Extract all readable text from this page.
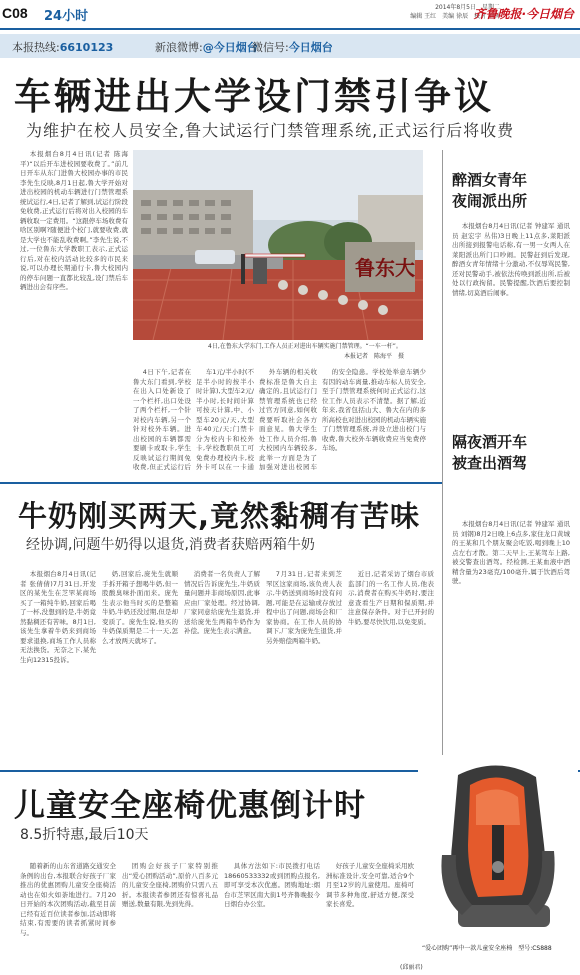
C08 24小时
2014年8月5日　星期二
编辑 王红　美编 徐辰　校对 刘树
齐鲁晚报·今日烟台
本报热线:6610123	新浪微博:@今日烟台
微信号:今日烟台
车辆进出大学设门禁引争议
为维护在校人员安全,鲁大试运行门禁管理系统,正式运行后将收费

本报烟台8月4日讯(记者 陈海平)“以后开车进校园要收费了。”前几日开车从东门进鲁大校园办事的市民李先生反映,8月1日起,鲁大学开始对进出校园的机动车辆进行门禁管理系统试运行,4日,记者了解到,试运行阶段免收费,正式运行后将对出入校园的车辆收取一定费用。“这跟停车场收费有啥区别啊?随便进个校门,就要收费,就是大学也不能乱收费啊。”李先生说,不过,一位鲁东大学教职工表示,正式运行后,对在校内活动比较多的市民来说,可以办理长期通行卡,鲁大校园内的停车问题一直都比较乱,设门禁后车辆进出会有序些。

鲁东大
4日,在鲁东大学东门,工作人员正对进出车辆实施门禁管理。“一车一杆”。
本报记者　陈海平　摄

4日下午,记者在鲁大东门看到,学校在出入口处新设了一个栏杆,出口处设了两个栏杆,一个针对校内车辆,另一个针对校外车辆。进出校园的车辆都需要刷卡或取卡,学生反映试运行期间免收费,但正式运行后

车1元/半小时(不足半小时的按半小时计算),大型车2元/半小时,长时间计算可按天计算,中、小型车20元/天,大型车40元/天;门禁卡分为校内卡和校外卡,学校教职员工可免费办理校内卡,校外卡可以在一卡通

外车辆的相关收费标准是鲁大自主确定的,且试运行门禁管理系统也已经过官方同意,如何收费要听取社会各方面意见。鲁大学生处工作人员介绍,鲁大校园内车辆较多,此举一方面是为了加强对进出校园车

的安全隐患。学校处举意车辆少有因的动车离量,推动车标人员安全,至于门禁管理系统何时正式运行,这位工作人员表示不清楚。据了解,近年来,我省包括山大、鲁大在内的多所高校也对进出校园的机动车辆实施了门禁管理系统,并设立进出校门与收费,鲁大校外车辆收费应当免费停车场。

醉酒女青年
夜闹派出所

本报烟台8月4日讯(记者 钟建军 通讯员 赵宏宇 丛伟)3日晚上11点多,莱阳派出所接到报警电话称,有一男一女两人在莱阳派出所门口吵闹。民警赶到后发现,醉酒女青年情绪十分激动,不仅辱骂民警,还对民警动手,被依法传唤到派出所,后被处以行政拘留。民警提醒,饮酒后要控制情绪,切莫酒后闹事。

隔夜酒开车
被查出酒驾

本报烟台8月4日讯(记者 钟建军 通讯员 刘钢)8月2日晚上6点多,家住龙口黄城的王某和几个朋友聚会吃饭,喝到晚上10点左右才散。第二天早上,王某驾车上路,被交警查出酒驾。经检测,王某血液中酒精含量为23毫克/100毫升,属于饮酒后驾驶。

牛奶刚买两天,竟然黏稠有苦味
经协调,问题牛奶得以退货,消费者获赔两箱牛奶

本报烟台8月4日讯(记者 张倩倩)7月31日,开发区的某先生在芝罘某商场买了一箱纯牛奶,回家后喝了一杯,没想到的是,牛奶竟然黏稠还有苦味。8月1日,该先生拿着牛奶来到商场要求退换,商场工作人员称无法换货。无奈之下,某先生向12315投诉。

奶,回家后,庞先生就顺手拆开箱子想喝牛奶,但一股酸臭味扑面而来。庞先生表示他当时买的是整箱牛奶,牛奶还没过期,但是却变质了。庞先生说,他买的牛奶保质期是二十一天,怎么才放两天就坏了。

消费者一名负责人了解情况后告诉庞先生,牛奶质量问题并非商场原因,此事应由厂家处理。经过协调,厂家同意给庞先生退货,并送给庞先生两箱牛奶作为补偿。庞先生表示满意。

7月31日,记者来到芝罘区这家商场,该负责人表示,牛奶送到商场时没有问题,可能是在运输或存放过程中出了问题,商场会和厂家协商。在工作人员的协调下,厂家为庞先生退货,并另外赔偿两箱牛奶。

近日,记者采访了烟台市质监部门的一名工作人员,他表示,消费者在购买牛奶时,要注意查看生产日期和保质期,并注意保存条件。对于已开封的牛奶,要尽快饮用,以免变质。

儿童安全座椅优惠倒计时
8.5折特惠,最后10天

随着新的山东省道路交通安全条例的出台,本报联合好孩子厂家推出的优惠团购儿童安全座椅活动也在如火如荼地进行。7月20日开始的本次团购活动,截至目前已经有近百位读者参加,活动即将结束,有需要的读者抓紧时间参与。

团购会好孩子厂家特别推出“爱心团购活动”,原价八百多元的儿童安全座椅,团购价只需八五折。本报读者参团还有惊喜礼品赠送,数量有限,先到先得。

具体方法如下:市民拨打电话18660533332或到团购点报名,即可享受本次优惠。团购地址:烟台市芝罘区南大街1号齐鲁晚报今日烟台办公室。

好孩子儿童安全座椅采用欧洲标准设计,安全可靠,适合9个月至12岁的儿童使用。座椅可调节多种角度,舒适方便,深受家长喜爱。

“爱心团购”再中一款儿童安全座椅　型号:CS888
(邱丽君)
